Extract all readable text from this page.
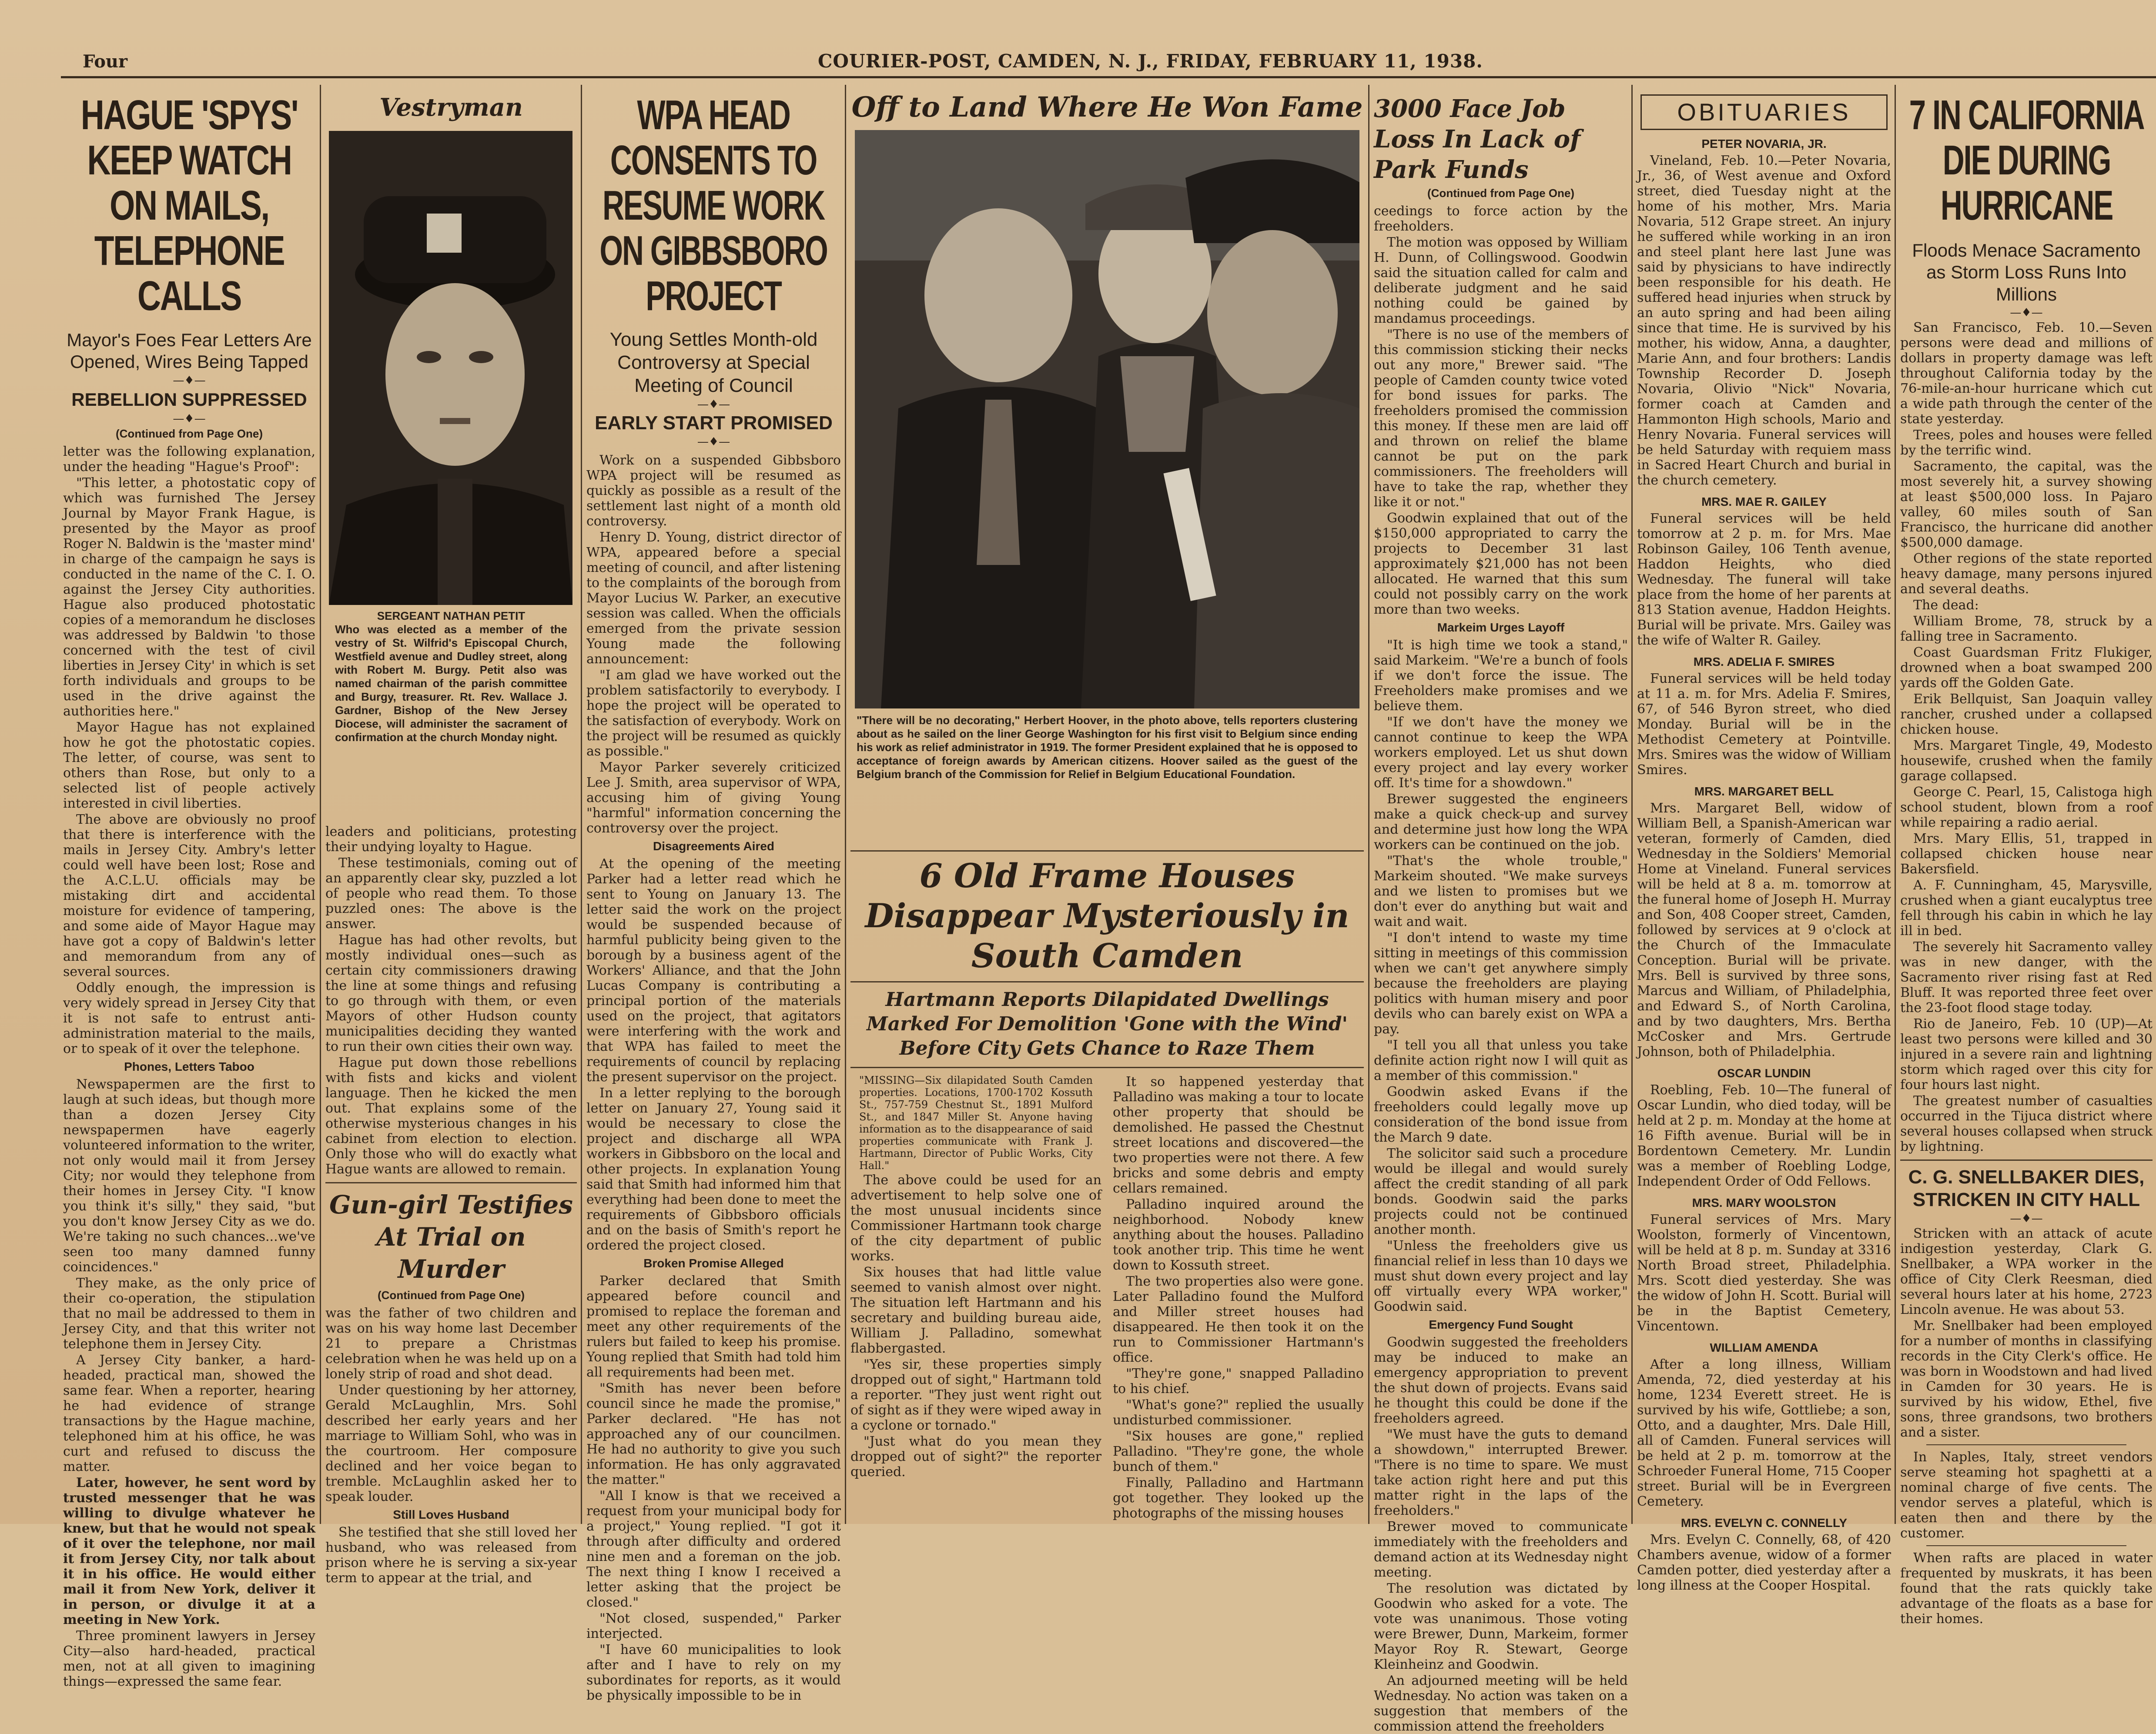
Four	COURIER-POST, CAMDEN, N. J., FRIDAY, FEBRUARY 11, 1938.
HAGUE 'SPYS' KEEP WATCH ON MAILS, TELEPHONE CALLS
Mayor's Foes Fear Letters Are Opened, Wires Being Tapped
—♦—
REBELLION SUPPRESSED
—♦—
(Continued from Page One)

letter was the following explanation, under the heading "Hague's Proof":

"This letter, a photostatic copy of which was furnished The Jersey Journal by Mayor Frank Hague, is presented by the Mayor as proof Roger N. Baldwin is the 'master mind' in charge of the campaign he says is conducted in the name of the C. I. O. against the Jersey City authorities. Hague also produced photostatic copies of a memorandum he discloses was addressed by Baldwin 'to those concerned with the test of civil liberties in Jersey City' in which is set forth individuals and groups to be used in the drive against the authorities here."

Mayor Hague has not explained how he got the photostatic copies. The letter, of course, was sent to others than Rose, but only to a selected list of people actively interested in civil liberties.

The above are obviously no proof that there is interference with the mails in Jersey City. Ambry's letter could well have been lost; Rose and the A.C.L.U. officials may be mistaking dirt and accidental moisture for evidence of tampering, and some aide of Mayor Hague may have got a copy of Baldwin's letter and memorandum from any of several sources.

Oddly enough, the impression is very widely spread in Jersey City that it is not safe to entrust anti-administration material to the mails, or to speak of it over the telephone.

Phones, Letters Taboo

Newspapermen are the first to laugh at such ideas, but though more than a dozen Jersey City newspapermen have eagerly volunteered information to the writer, not only would mail it from Jersey City; nor would they telephone from their homes in Jersey City. "I know you think it's silly," they said, "but you don't know Jersey City as we do. We're taking no such chances...we've seen too many damned funny coincidences."

They make, as the only price of their co-operation, the stipulation that no mail be addressed to them in Jersey City, and that this writer not telephone them in Jersey City.

A Jersey City banker, a hard-headed, practical man, showed the same fear. When a reporter, hearing he had evidence of strange transactions by the Hague machine, telephoned him at his office, he was curt and refused to discuss the matter.

Later, however, he sent word by trusted messenger that he was willing to divulge whatever he knew, but that he would not speak of it over the telephone, nor mail it from Jersey City, nor talk about it in his office. He would either mail it from New York, deliver it in person, or divulge it at a meeting in New York.

Three prominent lawyers in Jersey City—also hard-headed, practical men, not at all given to imagining things—expressed the same fear.

Vestryman
SERGEANT NATHAN PETIT
Who was elected as a member of the vestry of St. Wilfrid's Episcopal Church, Westfield avenue and Dudley street, along with Robert M. Burgy. Petit also was named chairman of the parish committee and Burgy, treasurer. Rt. Rev. Wallace J. Gardner, Bishop of the New Jersey Diocese, will administer the sacrament of confirmation at the church Monday night.

leaders and politicians, protesting their undying loyalty to Hague.

These testimonials, coming out of an apparently clear sky, puzzled a lot of people who read them. To those puzzled ones: The above is the answer.

Hague has had other revolts, but mostly individual ones—such as certain city commissioners drawing the line at some things and refusing to go through with them, or even Mayors of other Hudson county municipalities deciding they wanted to run their own cities their own way.

Hague put down those rebellions with fists and kicks and violent language. Then he kicked the men out. That explains some of the otherwise mysterious changes in his cabinet from election to election. Only those who will do exactly what Hague wants are allowed to remain.

Gun-girl Testifies At Trial on Murder
(Continued from Page One)

was the father of two children and was on his way home last December 21 to prepare a Christmas celebration when he was held up on a lonely strip of road and shot dead.

Under questioning by her attorney, Gerald McLaughlin, Mrs. Sohl described her early years and her marriage to William Sohl, who was in the courtroom. Her composure declined and her voice began to tremble. McLaughlin asked her to speak louder.

Still Loves Husband

She testified that she still loved her husband, who was released from prison where he is serving a six-year term to appear at the trial, and

WPA HEAD CONSENTS TO RESUME WORK ON GIBBSBORO PROJECT
Young Settles Month-old Controversy at Special Meeting of Council
—♦—
EARLY START PROMISED
—♦—

Work on a suspended Gibbsboro WPA project will be resumed as quickly as possible as a result of the settlement last night of a month old controversy.

Henry D. Young, district director of WPA, appeared before a special meeting of council, and after listening to the complaints of the borough from Mayor Lucius W. Parker, an executive session was called. When the officials emerged from the private session Young made the following announcement:

"I am glad we have worked out the problem satisfactorily to everybody. I hope the project will be operated to the satisfaction of everybody. Work on the project will be resumed as quickly as possible."

Mayor Parker severely criticized Lee J. Smith, area supervisor of WPA, accusing him of giving Young "harmful" information concerning the controversy over the project.

Disagreements Aired

At the opening of the meeting Parker had a letter read which he sent to Young on January 13. The letter said the work on the project would be suspended because of harmful publicity being given to the borough by a business agent of the Workers' Alliance, and that the John Lucas Company is contributing a principal portion of the materials used on the project, that agitators were interfering with the work and that WPA has failed to meet the requirements of council by replacing the present supervisor on the project.

In a letter replying to the borough letter on January 27, Young said it would be necessary to close the project and discharge all WPA workers in Gibbsboro on the local and other projects. In explanation Young said that Smith had informed him that everything had been done to meet the requirements of Gibbsboro officials and on the basis of Smith's report he ordered the project closed.

Broken Promise Alleged

Parker declared that Smith appeared before council and promised to replace the foreman and meet any other requirements of the rulers but failed to keep his promise. Young replied that Smith had told him all requirements had been met.

"Smith has never been before council since he made the promise," Parker declared. "He has not approached any of our councilmen. He had no authority to give you such information. He has only aggravated the matter."

"All I know is that we received a request from your municipal body for a project," Young replied. "I got it through after difficulty and ordered nine men and a foreman on the job. The next thing I know I received a letter asking that the project be closed."

"Not closed, suspended," Parker interjected.

"I have 60 municipalities to look after and I have to rely on my subordinates for reports, as it would be physically impossible to be in

Off to Land Where He Won Fame
"There will be no decorating," Herbert Hoover, in the photo above, tells reporters clustering about as he sailed on the liner George Washington for his first visit to Belgium since ending his work as relief administrator in 1919. The former President explained that he is opposed to acceptance of foreign awards by American citizens. Hoover sailed as the guest of the Belgium branch of the Commission for Relief in Belgium Educational Foundation.
6 Old Frame Houses Disappear Mysteriously in South Camden
Hartmann Reports Dilapidated Dwellings Marked For Demolition 'Gone with the Wind' Before City Gets Chance to Raze Them

"MISSING—Six dilapidated South Camden properties. Locations, 1700-1702 Kossuth St., 757-759 Chestnut St., 1891 Mulford St., and 1847 Miller St. Anyone having information as to the disappearance of said properties communicate with Frank J. Hartmann, Director of Public Works, City Hall."

The above could be used for an advertisement to help solve one of the most unusual incidents since Commissioner Hartmann took charge of the city department of public works.

Six houses that had little value seemed to vanish almost over night. The situation left Hartmann and his secretary and building bureau aide, William J. Palladino, somewhat flabbergasted.

"Yes sir, these properties simply dropped out of sight," Hartmann told a reporter. "They just went right out of sight as if they were wiped away in a cyclone or tornado."

"Just what do you mean they dropped out of sight?" the reporter queried.

It so happened yesterday that Palladino was making a tour to locate other property that should be demolished. He passed the Chestnut street locations and discovered—the two properties were not there. A few bricks and some debris and empty cellars remained.

Palladino inquired around the neighborhood. Nobody knew anything about the houses. Palladino took another trip. This time he went down to Kossuth street.

The two properties also were gone. Later Palladino found the Mulford and Miller street houses had disappeared. He then took it on the run to Commissioner Hartmann's office.

"They're gone," snapped Palladino to his chief.

"What's gone?" replied the usually undisturbed commissioner.

"Six houses are gone," replied Palladino. "They're gone, the whole bunch of them."

Finally, Palladino and Hartmann got together. They looked up the photographs of the missing houses

3000 Face Job Loss In Lack of Park Funds
(Continued from Page One)

ceedings to force action by the freeholders.

The motion was opposed by William H. Dunn, of Collingswood. Goodwin said the situation called for calm and deliberate judgment and he said nothing could be gained by mandamus proceedings.

"There is no use of the members of this commission sticking their necks out any more," Brewer said. "The people of Camden county twice voted for bond issues for parks. The freeholders promised the commission this money. If these men are laid off and thrown on relief the blame cannot be put on the park commissioners. The freeholders will have to take the rap, whether they like it or not."

Goodwin explained that out of the $150,000 appropriated to carry the projects to December 31 last approximately $21,000 has not been allocated. He warned that this sum could not possibly carry on the work more than two weeks.

Markeim Urges Layoff

"It is high time we took a stand," said Markeim. "We're a bunch of fools if we don't force the issue. The Freeholders make promises and we believe them.

"If we don't have the money we cannot continue to keep the WPA workers employed. Let us shut down every project and lay every worker off. It's time for a showdown."

Brewer suggested the engineers make a quick check-up and survey and determine just how long the WPA workers can be continued on the job.

"That's the whole trouble," Markeim shouted. "We make surveys and we listen to promises but we don't ever do anything but wait and wait and wait.

"I don't intend to waste my time sitting in meetings of this commission when we can't get anywhere simply because the freeholders are playing politics with human misery and poor devils who can barely exist on WPA a pay.

"I tell you all that unless you take definite action right now I will quit as a member of this commission."

Goodwin asked Evans if the freeholders could legally move up consideration of the bond issue from the March 9 date.

The solicitor said such a procedure would be illegal and would surely affect the credit standing of all park bonds. Goodwin said the parks projects could not be continued another month.

"Unless the freeholders give us financial relief in less than 10 days we must shut down every project and lay off virtually every WPA worker," Goodwin said.

Emergency Fund Sought

Goodwin suggested the freeholders may be induced to make an emergency appropriation to prevent the shut down of projects. Evans said he thought this could be done if the freeholders agreed.

"We must have the guts to demand a showdown," interrupted Brewer. "There is no time to spare. We must take action right here and put this matter right in the laps of the freeholders."

Brewer moved to communicate immediately with the freeholders and demand action at its Wednesday night meeting.

The resolution was dictated by Goodwin who asked for a vote. The vote was unanimous. Those voting were Brewer, Dunn, Markeim, former Mayor Roy R. Stewart, George Kleinheinz and Goodwin.

An adjourned meeting will be held Wednesday. No action was taken on a suggestion that members of the commission attend the freeholders

OBITUARIES
PETER NOVARIA, JR.

Vineland, Feb. 10.—Peter Novaria, Jr., 36, of West avenue and Oxford street, died Tuesday night at the home of his mother, Mrs. Maria Novaria, 512 Grape street. An injury he suffered while working in an iron and steel plant here last June was said by physicians to have indirectly been responsible for his death. He suffered head injuries when struck by an auto spring and had been ailing since that time. He is survived by his mother, his widow, Anna, a daughter, Marie Ann, and four brothers: Landis Township Recorder D. Joseph Novaria, Olivio "Nick" Novaria, former coach at Camden and Hammonton High schools, Mario and Henry Novaria. Funeral services will be held Saturday with requiem mass in Sacred Heart Church and burial in the church cemetery.

MRS. MAE R. GAILEY

Funeral services will be held tomorrow at 2 p. m. for Mrs. Mae Robinson Gailey, 106 Tenth avenue, Haddon Heights, who died Wednesday. The funeral will take place from the home of her parents at 813 Station avenue, Haddon Heights. Burial will be private. Mrs. Gailey was the wife of Walter R. Gailey.

MRS. ADELIA F. SMIRES

Funeral services will be held today at 11 a. m. for Mrs. Adelia F. Smires, 67, of 546 Byron street, who died Monday. Burial will be in the Methodist Cemetery at Pointville. Mrs. Smires was the widow of William Smires.

MRS. MARGARET BELL

Mrs. Margaret Bell, widow of William Bell, a Spanish-American war veteran, formerly of Camden, died Wednesday in the Soldiers' Memorial Home at Vineland. Funeral services will be held at 8 a. m. tomorrow at the funeral home of Joseph H. Murray and Son, 408 Cooper street, Camden, followed by services at 9 o'clock at the Church of the Immaculate Conception. Burial will be private. Mrs. Bell is survived by three sons, Marcus and William, of Philadelphia, and Edward S., of North Carolina, and by two daughters, Mrs. Bertha McCosker and Mrs. Gertrude Johnson, both of Philadelphia.

OSCAR LUNDIN

Roebling, Feb. 10—The funeral of Oscar Lundin, who died today, will be held at 2 p. m. Monday at the home at 16 Fifth avenue. Burial will be in Bordentown Cemetery. Mr. Lundin was a member of Roebling Lodge, Independent Order of Odd Fellows.

MRS. MARY WOOLSTON

Funeral services of Mrs. Mary Woolston, formerly of Vincentown, will be held at 8 p. m. Sunday at 3316 North Broad street, Philadelphia. Mrs. Scott died yesterday. She was the widow of John H. Scott. Burial will be in the Baptist Cemetery, Vincentown.

WILLIAM AMENDA

After a long illness, William Amenda, 72, died yesterday at his home, 1234 Everett street. He is survived by his wife, Gottliebe; a son, Otto, and a daughter, Mrs. Dale Hill, all of Camden. Funeral services will be held at 2 p. m. tomorrow at the Schroeder Funeral Home, 715 Cooper street. Burial will be in Evergreen Cemetery.

MRS. EVELYN C. CONNELLY

Mrs. Evelyn C. Connelly, 68, of 420 Chambers avenue, widow of a former Camden potter, died yesterday after a long illness at the Cooper Hospital.

7 IN CALIFORNIA DIE DURING HURRICANE
Floods Menace Sacramento as Storm Loss Runs Into Millions
—♦—

San Francisco, Feb. 10.—Seven persons were dead and millions of dollars in property damage was left throughout California today by the 76-mile-an-hour hurricane which cut a wide path through the center of the state yesterday.

Trees, poles and houses were felled by the terrific wind.

Sacramento, the capital, was the most severely hit, a survey showing at least $500,000 loss. In Pajaro valley, 60 miles south of San Francisco, the hurricane did another $500,000 damage.

Other regions of the state reported heavy damage, many persons injured and several deaths.

The dead:

William Brome, 78, struck by a falling tree in Sacramento.

Coast Guardsman Fritz Flukiger, drowned when a boat swamped 200 yards off the Golden Gate.

Erik Bellquist, San Joaquin valley rancher, crushed under a collapsed chicken house.

Mrs. Margaret Tingle, 49, Modesto housewife, crushed when the family garage collapsed.

George C. Pearl, 15, Calistoga high school student, blown from a roof while repairing a radio aerial.

Mrs. Mary Ellis, 51, trapped in collapsed chicken house near Bakersfield.

A. F. Cunningham, 45, Marysville, crushed when a giant eucalyptus tree fell through his cabin in which he lay ill in bed.

The severely hit Sacramento valley was in new danger, with the Sacramento river rising fast at Red Bluff. It was reported three feet over the 23-foot flood stage today.

Rio de Janeiro, Feb. 10 (UP)—At least two persons were killed and 30 injured in a severe rain and lightning storm which raged over this city for four hours last night.

The greatest number of casualties occurred in the Tijuca district where several houses collapsed when struck by lightning.

C. G. SNELLBAKER DIES, STRICKEN IN CITY HALL
—♦—

Stricken with an attack of acute indigestion yesterday, Clark G. Snellbaker, a WPA worker in the office of City Clerk Reesman, died several hours later at his home, 2723 Lincoln avenue. He was about 53.

Mr. Snellbaker had been employed for a number of months in classifying records in the City Clerk's office. He was born in Woodstown and had lived in Camden for 30 years. He is survived by his widow, Ethel, five sons, three grandsons, two brothers and a sister.

In Naples, Italy, street vendors serve steaming hot spaghetti at a nominal charge of five cents. The vendor serves a plateful, which is eaten then and there by the customer.

When rafts are placed in water frequented by muskrats, it has been found that the rats quickly take advantage of the floats as a base for their homes.
